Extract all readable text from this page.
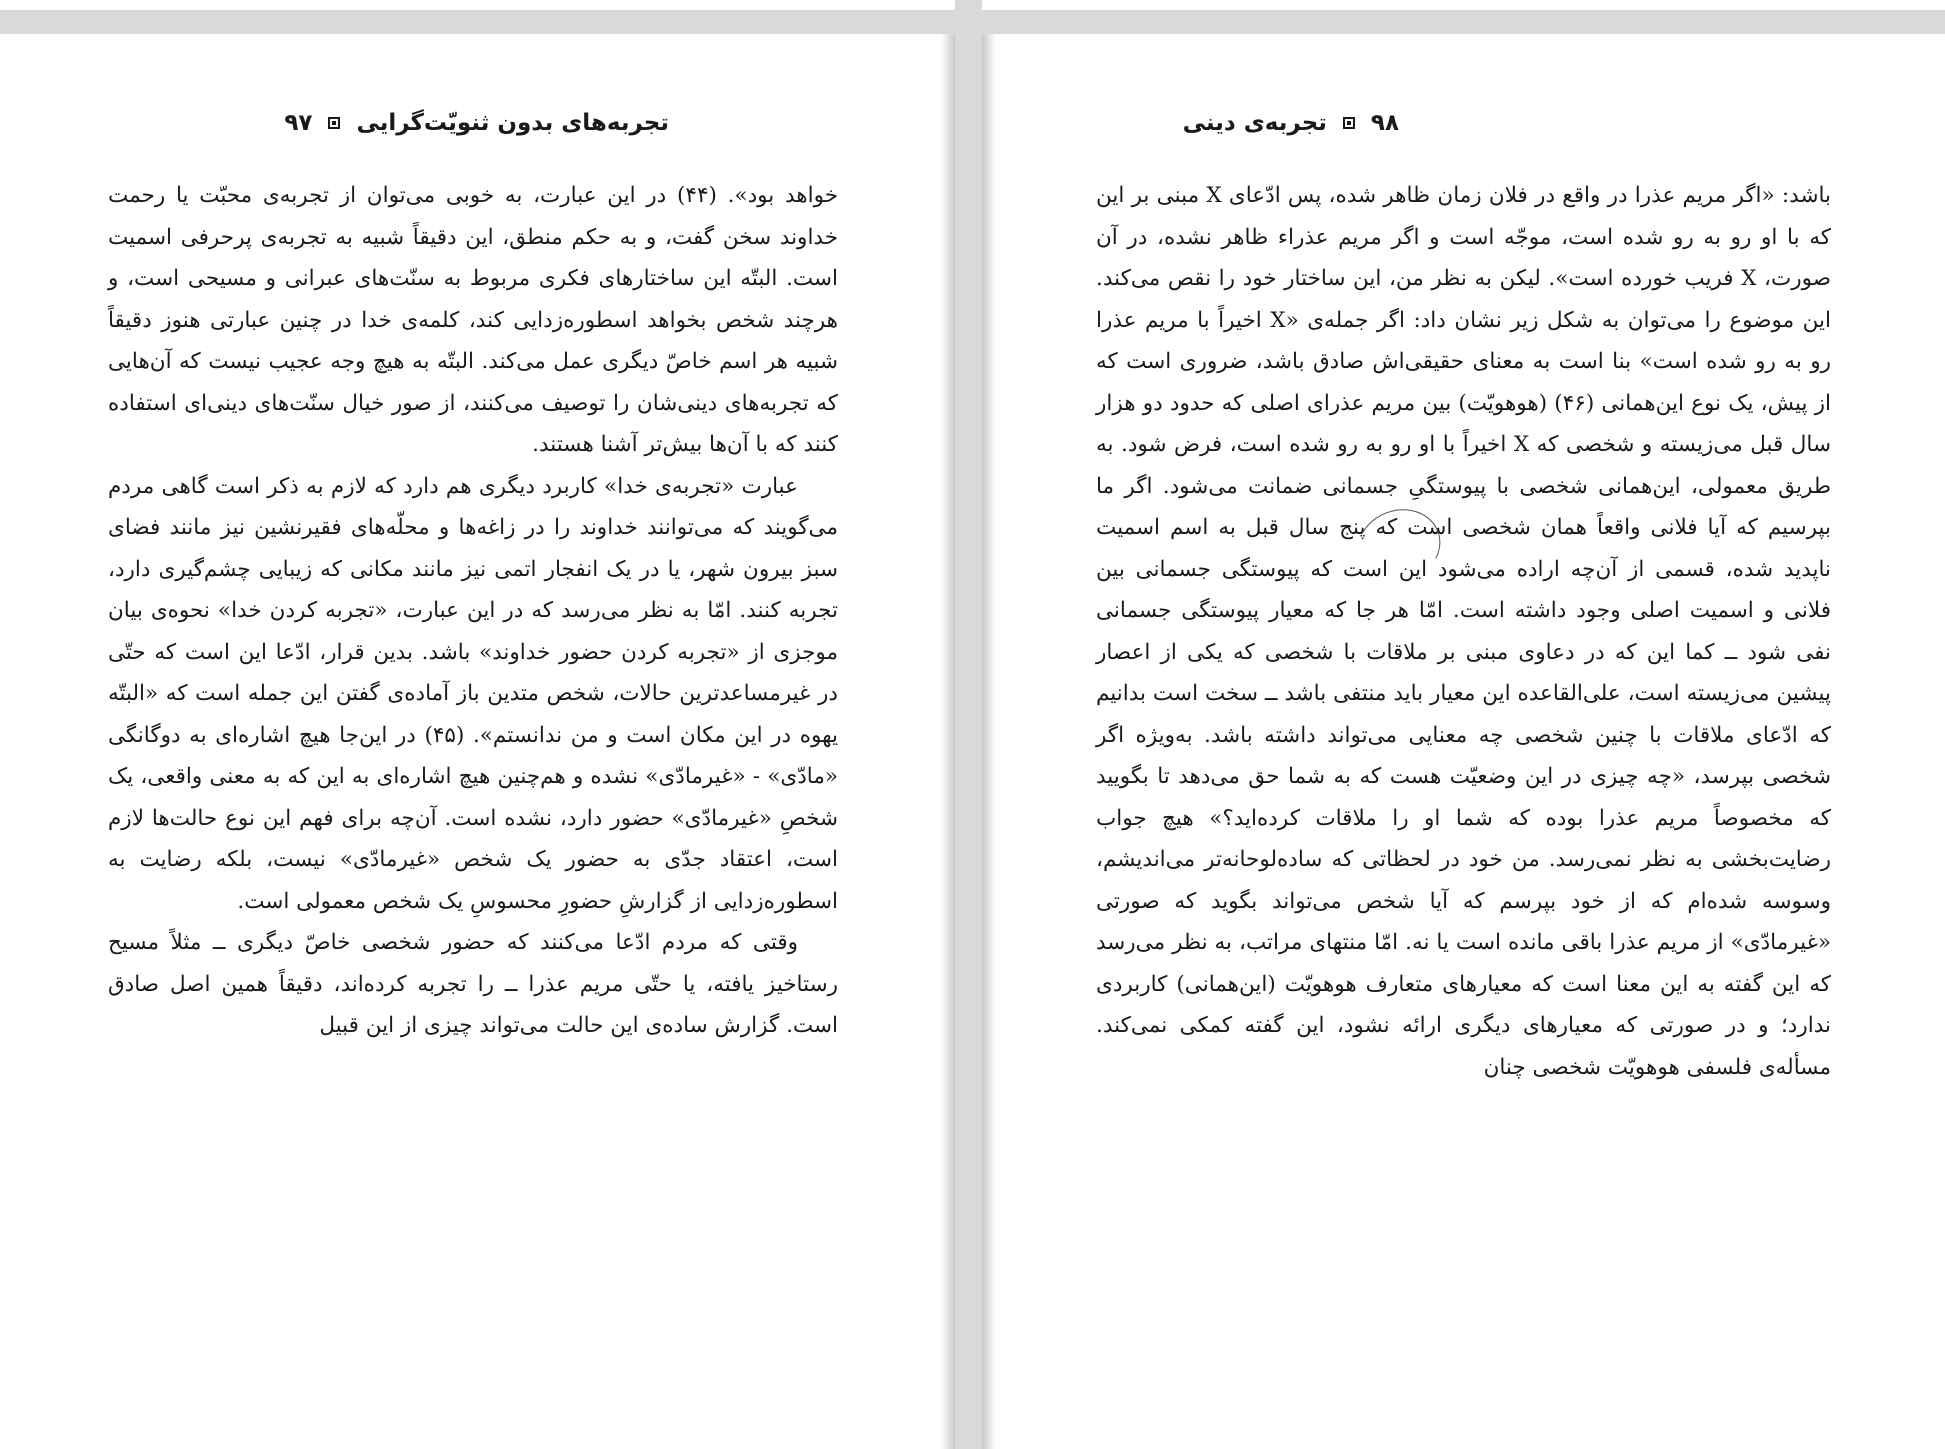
تجربه‌های بدون ثنویّت‌گرایی
۹۷

خواهد بود». (۴۴) در این عبارت، به خوبی می‌توان از تجربه‌ی محبّت یا رحمت خداوند سخن گفت، و به حکم منطق، این دقیقاً شبیه به تجربه‌ی پرحرفی اسمیت است. البتّه این ساختارهای فکری مربوط به سنّت‌های عبرانی و مسیحی است، و هرچند شخص بخواهد اسطوره‌زدایی کند، کلمه‌ی خدا در چنین عبارتی هنوز دقیقاً شبیه هر اسم خاصّ دیگری عمل می‌کند. البتّه به هیچ وجه عجیب نیست که آن‌هایی که تجربه‌های دینی‌شان را توصیف می‌کنند، از صور خیال سنّت‌های دینی‌ای استفاده کنند که با آن‌ها بیش‌تر آشنا هستند.

عبارت «تجربه‌ی خدا» کاربرد دیگری هم دارد که لازم به ذکر است گاهی مردم می‌گویند که می‌توانند خداوند را در زاغه‌ها و محلّه‌های فقیرنشین نیز مانند فضای سبز بیرون شهر، یا در یک انفجار اتمی نیز مانند مکانی که زیبایی چشم‌گیری دارد، تجربه کنند. امّا به نظر می‌رسد که در این عبارت، «تجربه کردن خدا» نحوه‌ی بیان موجزی از «تجربه کردن حضور خداوند» باشد. بدین قرار، ادّعا این است که حتّی در غیرمساعدترین حالات، شخص متدین باز آماده‌ی گفتن این جمله است که «البتّه یهوه در این مکان است و من ندانستم». (۴۵) در این‌جا هیچ اشاره‌ای به دوگانگی «مادّی» - «غیرمادّی» نشده و هم‌چنین هیچ اشاره‌ای به این که به معنی واقعی، یک شخصِ «غیرمادّی» حضور دارد، نشده است. آن‌چه برای فهم این نوع حالت‌ها لازم است، اعتقاد جدّی به حضور یک شخص «غیرمادّی» نیست، بلکه رضایت به اسطوره‌زدایی از گزارشِ حضورِ محسوسِ یک شخص معمولی است.

وقتی که مردم ادّعا می‌کنند که حضور شخصی خاصّ دیگری ــ مثلاً مسیح رستاخیز یافته، یا حتّی مریم عذرا ــ را تجربه کرده‌اند، دقیقاً همین اصل صادق است. گزارش ساده‌ی این حالت می‌تواند چیزی از این قبیل

۹۸
تجربه‌ی دینی

باشد: «اگر مریم عذرا در واقع در فلان زمان ظاهر شده، پس ادّعای X مبنی بر این که با او رو به رو شده است، موجّه است و اگر مریم عذراء ظاهر نشده، در آن صورت، X فریب خورده است». لیکن به نظر من، این ساختار خود را نقص می‌کند. این موضوع را می‌توان به شکل زیر نشان داد: اگر جمله‌ی «X اخیراً با مریم عذرا رو به رو شده است» بنا است به معنای حقیقی‌اش صادق باشد، ضروری است که از پیش، یک نوع این‌همانی (۴۶) (هوهویّت) بین مریم عذرای اصلی که حدود دو هزار سال قبل می‌زیسته و شخصی که X اخیراً با او رو به رو شده است، فرض شود. به طریق معمولی، این‌همانی شخصی با پیوستگیِ جسمانی ضمانت می‌شود. اگر ما بپرسیم که آیا فلانی واقعاً همان شخصی است که پنج سال قبل به اسم اسمیت ناپدید شده، قسمی از آن‌چه اراده می‌شود این است که پیوستگی جسمانی بین فلانی و اسمیت اصلی وجود داشته است. امّا هر جا که معیار پیوستگی جسمانی نفی شود ــ کما این که در دعاوی مبنی بر ملاقات با شخصی که یکی از اعصار پیشین می‌زیسته است، علی‌القاعده این معیار باید منتفی باشد ــ سخت است بدانیم که ادّعای ملاقات با چنین شخصی چه معنایی می‌تواند داشته باشد. به‌ویژه اگر شخصی بپرسد، «چه چیزی در این وضعیّت هست که به شما حق می‌دهد تا بگویید که مخصوصاً مریم عذرا بوده که شما او را ملاقات کرده‌اید؟» هیچ جواب رضایت‌بخشی به نظر نمی‌رسد. من خود در لحظاتی که ساده‌لوحانه‌تر می‌اندیشم، وسوسه شده‌ام که از خود بپرسم که آیا شخص می‌تواند بگوید که صورتی «غیرمادّی» از مریم عذرا باقی مانده است یا نه. امّا منتهای مراتب، به نظر می‌رسد که این گفته به این معنا است که معیارهای متعارف هوهویّت (این‌همانی) کاربردی ندارد؛ و در صورتی که معیارهای دیگری ارائه نشود، این گفته کمکی نمی‌کند. مسأله‌ی فلسفی هوهویّت شخصی چنان
